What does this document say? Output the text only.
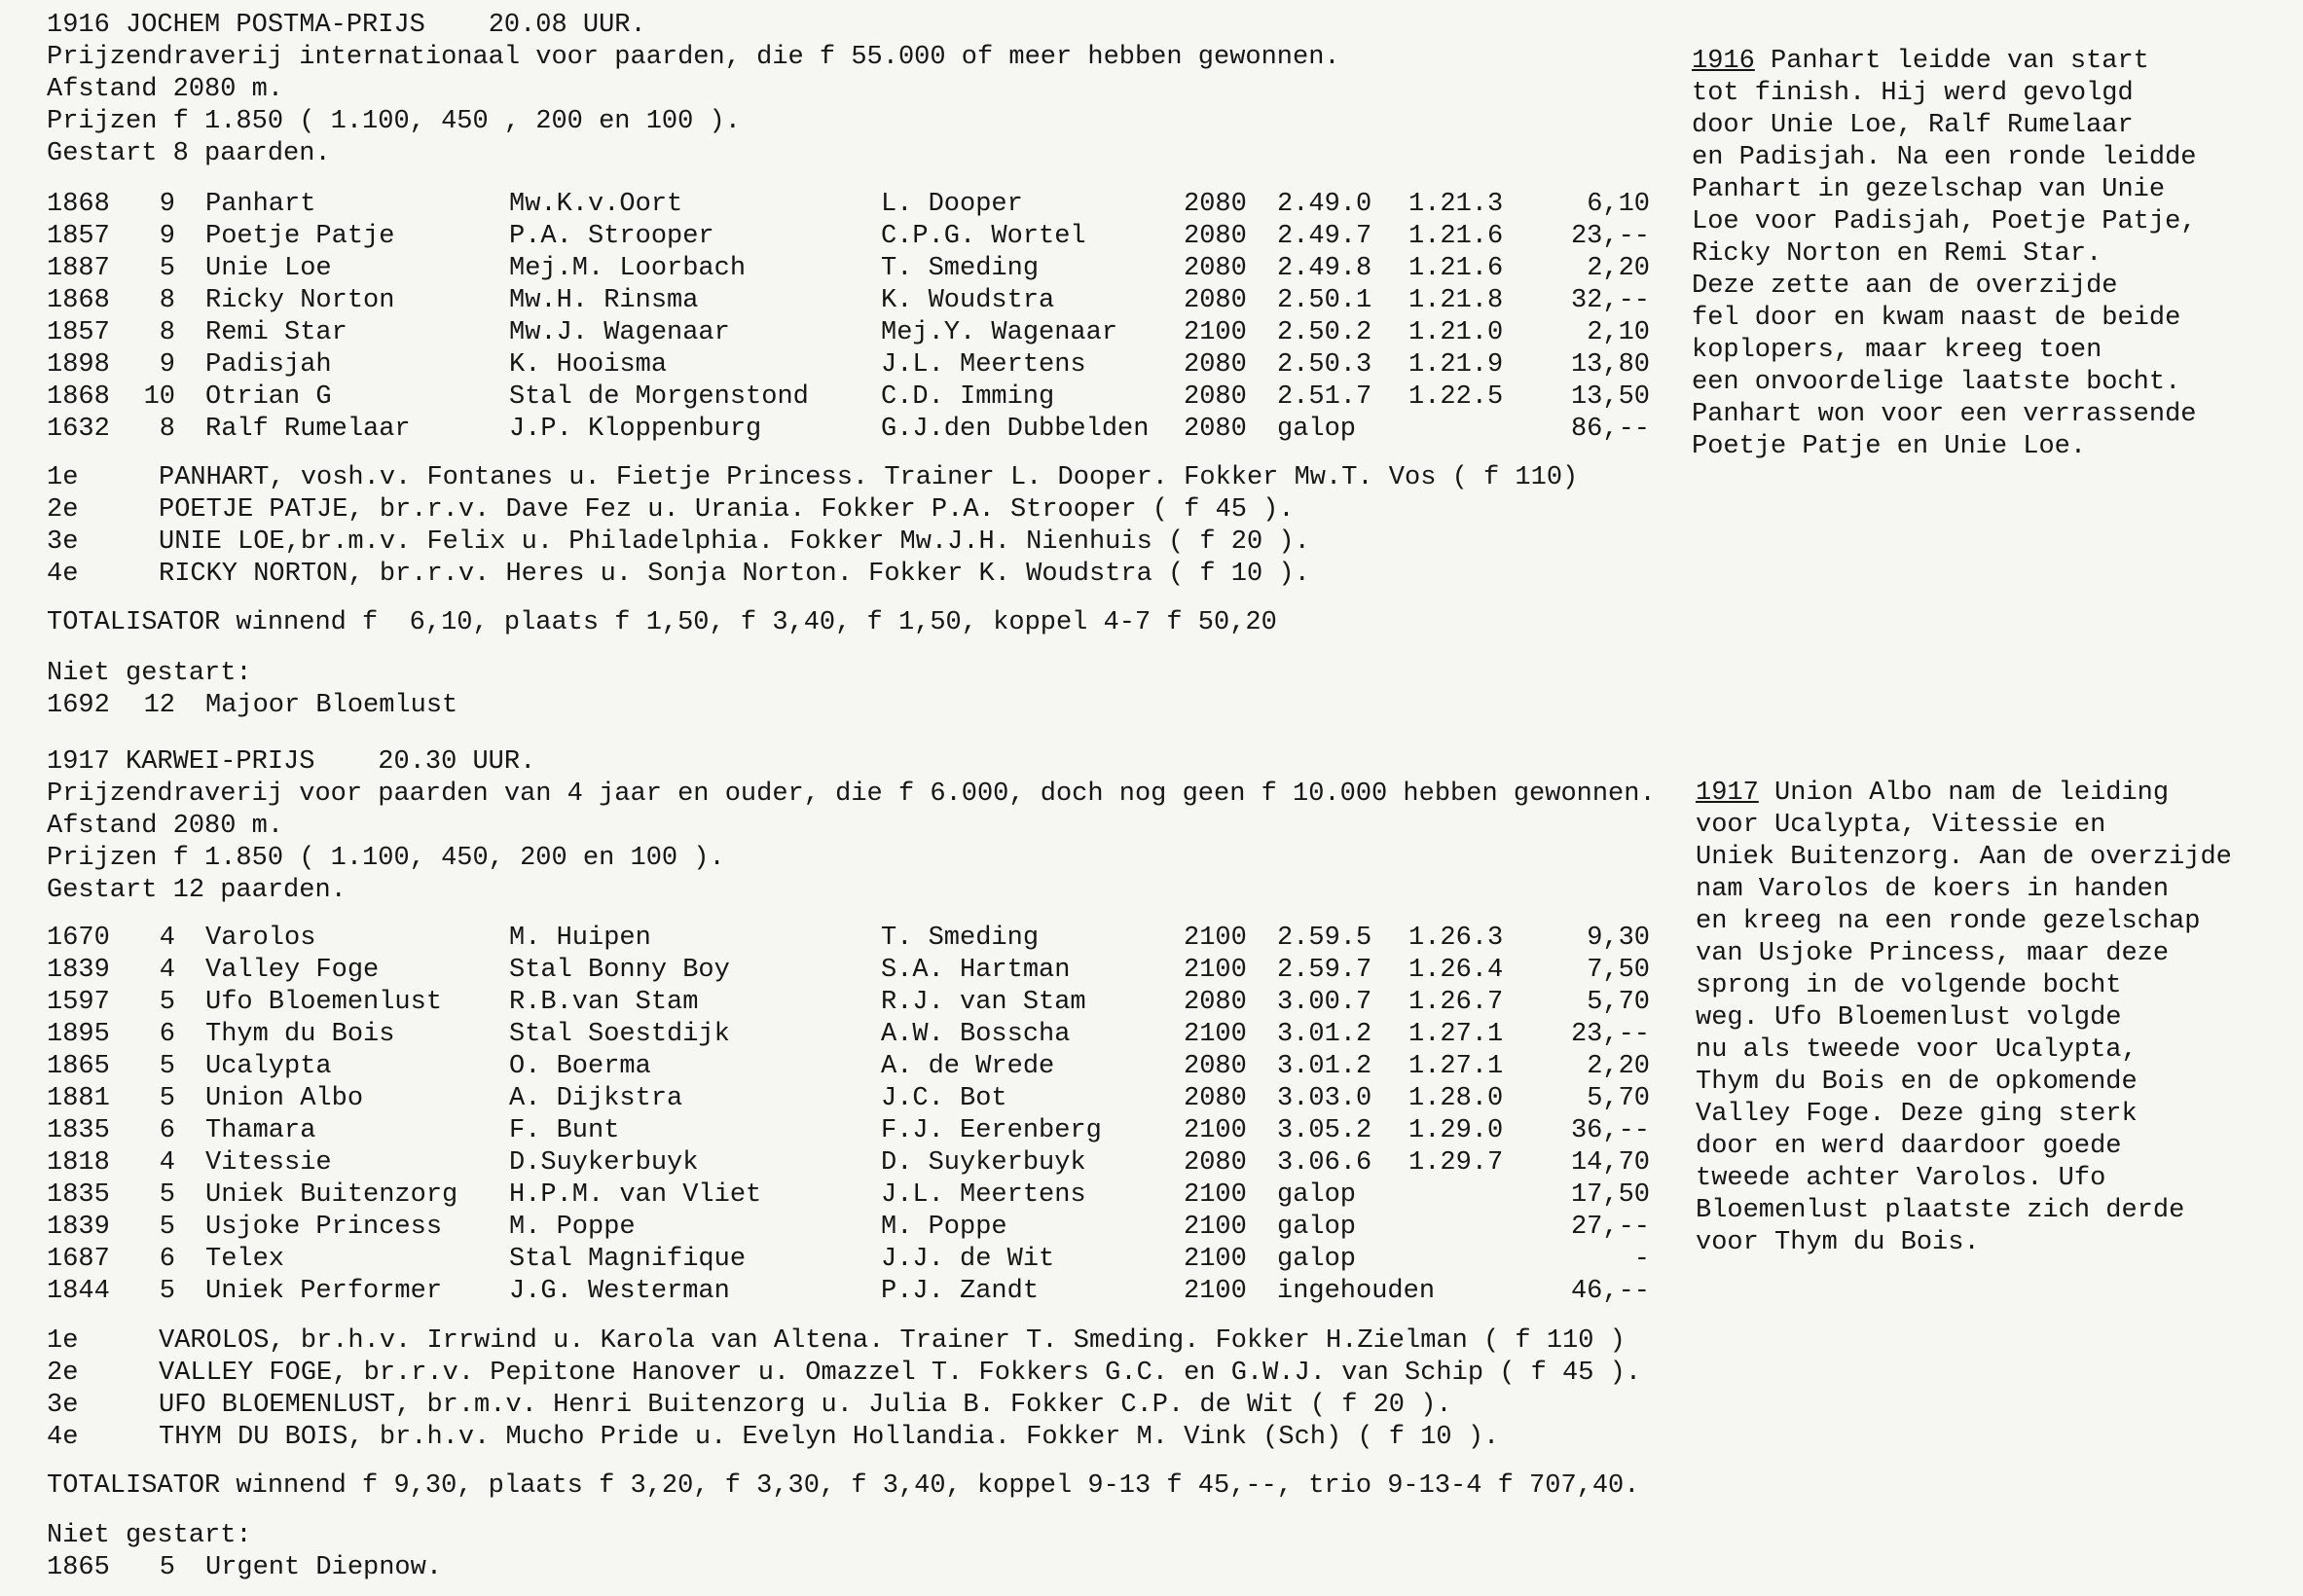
1916 JOCHEM POSTMA-PRIJS 20.08 UUR.
Prijzendraverij internationaal voor paarden, die f 55.000 of meer hebben gewonnen.
Afstand 2080 m.
Prijzen f 1.850 ( 1.100, 450 , 200 en 100 ).
Gestart 8 paarden.
1868	9 Panhart	Mw.K.v.Oort	L. Dooper	2080 2.49.0 1.21.3	6,10
1857	9 Poetje Patje	P.A. Strooper	C.P.G. Wortel	2080 2.49.7 1.21.6	23,--
1887	5 Unie Loe	Mej.M. Loorbach	T. Smeding	2080 2.49.8 1.21.6	2,20
1868	8 Ricky Norton	Mw.H. Rinsma	K. Woudstra	2080 2.50.1 1.21.8	32,--
1857	8 Remi Star	Mw.J. Wagenaar	Mej.Y. Wagenaar	2100 2.50.2 1.21.0	2,10
1898	9 Padisjah	K. Hooisma	J.L. Meertens	2080 2.50.3 1.21.9	13,80
1868 10 Otrian G	Stal de Morgenstond	C.D. Imming	2080 2.51.7 1.22.5	13,50
1632	8 Ralf Rumelaar	J.P. Kloppenburg	G.J.den Dubbelden 2080 galop	86,--
1e	PANHART, vosh.v. Fontanes u. Fietje Princess. Trainer L. Dooper. Fokker Mw.T. Vos ( f 110)
2e	POETJE PATJE, br.r.v. Dave Fez u. Urania. Fokker P.A. Strooper ( f 45 ).
3e	UNIE LOE,br.m.v. Felix u. Philadelphia. Fokker Mw.J.H. Nienhuis ( f 20 ).
4e	RICKY NORTON, br.r.v. Heres u. Sonja Norton. Fokker K. Woudstra ( f 10 ).
TOTALISATOR winnend f  6,10, plaats f 1,50, f 3,40, f 1,50, koppel 4-7 f 50,20
Niet gestart:
1692 12 Majoor Bloemlust
1916 Panhart leidde van start
tot finish. Hij werd gevolgd
door Unie Loe, Ralf Rumelaar
en Padisjah. Na een ronde leidde
Panhart in gezelschap van Unie
Loe voor Padisjah, Poetje Patje,
Ricky Norton en Remi Star.
Deze zette aan de overzijde
fel door en kwam naast de beide
koplopers, maar kreeg toen
een onvoordelige laatste bocht.
Panhart won voor een verrassende
Poetje Patje en Unie Loe.
1917 KARWEI-PRIJS 20.30 UUR.
Prijzendraverij voor paarden van 4 jaar en ouder, die f 6.000, doch nog geen f 10.000 hebben gewonnen.
Afstand 2080 m.
Prijzen f 1.850 ( 1.100, 450, 200 en 100 ).
Gestart 12 paarden.
1670	4 Varolos	M. Huipen	T. Smeding	2100 2.59.5 1.26.3	9,30
1839	4 Valley Foge	Stal Bonny Boy	S.A. Hartman	2100 2.59.7 1.26.4	7,50
1597	5 Ufo Bloemenlust	R.B.van Stam	R.J. van Stam	2080 3.00.7 1.26.7	5,70
1895	6 Thym du Bois	Stal Soestdijk	A.W. Bosscha	2100 3.01.2 1.27.1	23,--
1865	5 Ucalypta	O. Boerma	A. de Wrede	2080 3.01.2 1.27.1	2,20
1881	5 Union Albo	A. Dijkstra	J.C. Bot	2080 3.03.0 1.28.0	5,70
1835	6 Thamara	F. Bunt	F.J. Eerenberg	2100 3.05.2 1.29.0	36,--
1818	4 Vitessie	D.Suykerbuyk	D. Suykerbuyk	2080 3.06.6 1.29.7	14,70
1835	5 Uniek Buitenzorg H.P.M. van Vliet	J.L. Meertens	2100 galop	17,50
1839	5 Usjoke Princess	M. Poppe	M. Poppe	2100 galop	27,--
1687	6 Telex	Stal Magnifique	J.J. de Wit	2100 galop	-
1844	5 Uniek Performer	J.G. Westerman	P.J. Zandt	2100 ingehouden	46,--
1e	VAROLOS, br.h.v. Irrwind u. Karola van Altena. Trainer T. Smeding. Fokker H.Zielman ( f 110 )
2e	VALLEY FOGE, br.r.v. Pepitone Hanover u. Omazzel T. Fokkers G.C. en G.W.J. van Schip ( f 45 ).
3e	UFO BLOEMENLUST, br.m.v. Henri Buitenzorg u. Julia B. Fokker C.P. de Wit ( f 20 ).
4e	THYM DU BOIS, br.h.v. Mucho Pride u. Evelyn Hollandia. Fokker M. Vink (Sch) ( f 10 ).
TOTALISATOR winnend f 9,30, plaats f 3,20, f 3,30, f 3,40, koppel 9-13 f 45,--, trio 9-13-4 f 707,40.
Niet gestart:
1865	5 Urgent Diepnow.
1917 Union Albo nam de leiding
voor Ucalypta, Vitessie en
Uniek Buitenzorg. Aan de overzijde
nam Varolos de koers in handen
en kreeg na een ronde gezelschap
van Usjoke Princess, maar deze
sprong in de volgende bocht
weg. Ufo Bloemenlust volgde
nu als tweede voor Ucalypta,
Thym du Bois en de opkomende
Valley Foge. Deze ging sterk
door en werd daardoor goede
tweede achter Varolos. Ufo
Bloemenlust plaatste zich derde
voor Thym du Bois.
